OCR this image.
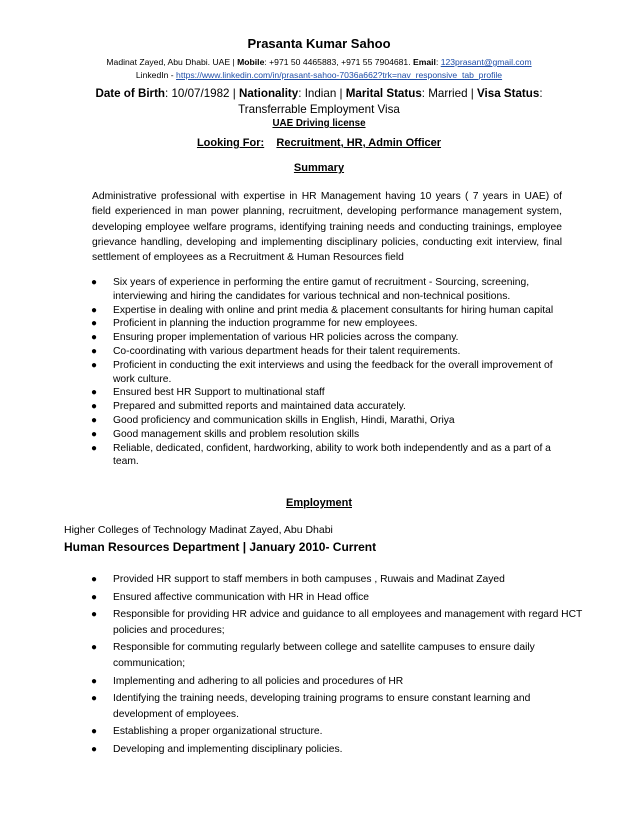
Prasanta Kumar Sahoo
Madinat Zayed, Abu Dhabi. UAE | Mobile: +971 50 4465883, +971 55 7904681. Email: 123prasant@gmail.com
LinkedIn - https://www.linkedin.com/in/prasant-sahoo-7036a662?trk=nav_responsive_tab_profile
Date of Birth: 10/07/1982 | Nationality: Indian | Marital Status: Married | Visa Status:
Transferrable Employment Visa
UAE Driving license
Looking For: Recruitment, HR, Admin Officer
Summary
Administrative professional with expertise in HR Management having 10 years ( 7 years in UAE) of field experienced in man power planning, recruitment, developing performance management system, developing employee welfare programs, identifying training needs and conducting trainings, employee grievance handling, developing and implementing disciplinary policies, conducting exit interview, final settlement of employees as a Recruitment & Human Resources field
● Six years of experience in performing the entire gamut of recruitment - Sourcing, screening, interviewing and hiring the candidates for various technical and non-technical positions.
● Expertise in dealing with online and print media & placement consultants for hiring human capital
● Proficient in planning the induction programme for new employees.
● Ensuring proper implementation of various HR policies across the company.
● Co-coordinating with various department heads for their talent requirements.
● Proficient in conducting the exit interviews and using the feedback for the overall improvement of work culture.
● Ensured best HR Support to multinational staff
● Prepared and submitted reports and maintained data accurately.
● Good proficiency and communication skills in English, Hindi, Marathi, Oriya
● Good management skills and problem resolution skills
● Reliable, dedicated, confident, hardworking, ability to work both independently and as a part of a team.
Employment
Higher Colleges of Technology Madinat Zayed, Abu Dhabi
Human Resources Department | January 2010- Current
● Provided HR support to staff members in both campuses , Ruwais and Madinat Zayed
● Ensured affective communication with HR in Head office
● Responsible for providing HR advice and guidance to all employees and management with regard HCT policies and procedures;
● Responsible for commuting regularly between college and satellite campuses to ensure daily communication;
● Implementing and adhering to all policies and procedures of HR
● Identifying the training needs, developing training programs to ensure constant learning and development of employees.
● Establishing a proper organizational structure.
● Developing and implementing disciplinary policies.
